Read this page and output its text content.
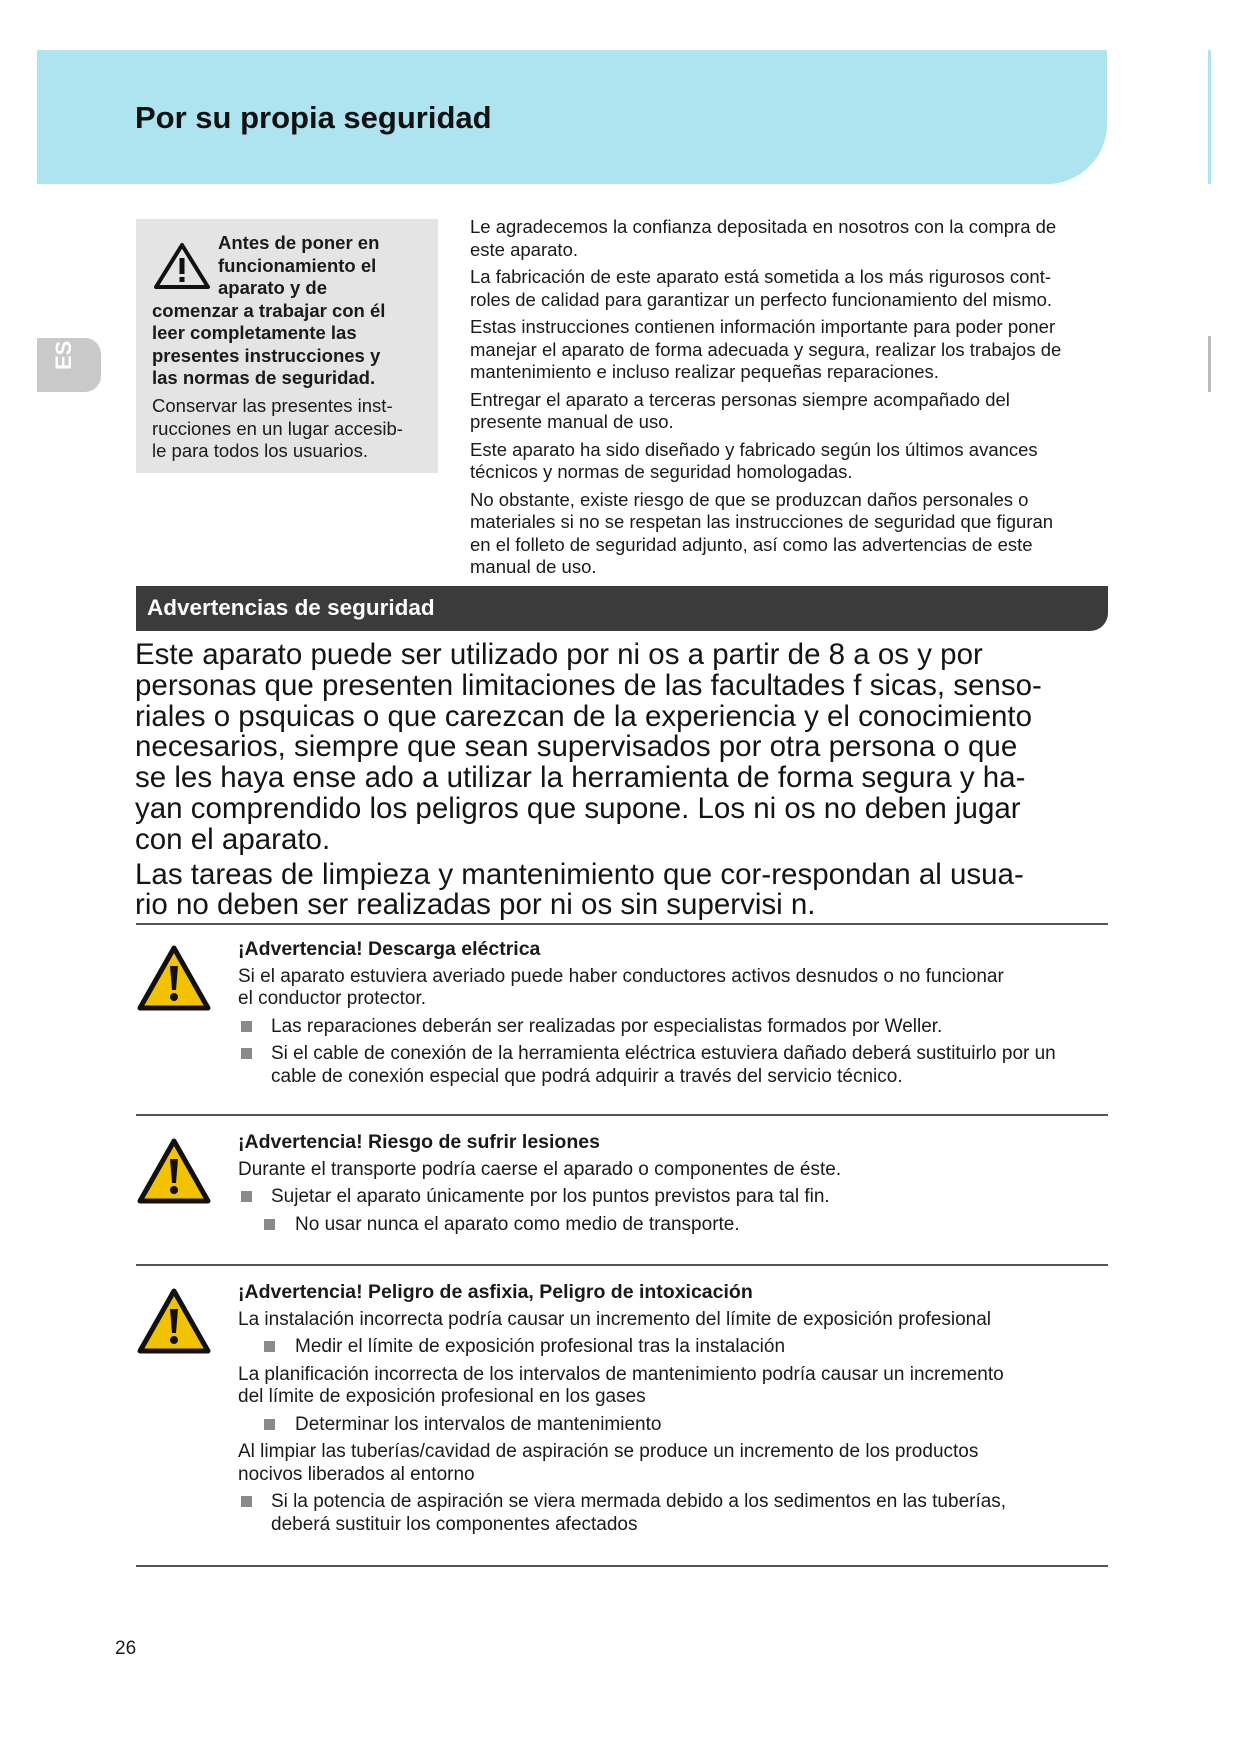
Por su propia seguridad
ES

Antes de poner en
funcionamiento el
aparato y de
comenzar a trabajar con él
leer completamente las
presentes instrucciones y
las normas de seguridad.

Conservar las presentes inst-
rucciones en un lugar accesib-
le para todos los usuarios.

Le agradecemos la confianza depositada en nosotros con la compra de
este aparato.

La fabricación de este aparato está sometida a los más rigurosos cont-
roles de calidad para garantizar un perfecto funcionamiento del mismo.

Estas instrucciones contienen información importante para poder poner
manejar el aparato de forma adecuada y segura, realizar los trabajos de
mantenimiento e incluso realizar pequeñas reparaciones.

Entregar el aparato a terceras personas siempre acompañado del
presente manual de uso.

Este aparato ha sido diseñado y fabricado según los últimos avances
técnicos y normas de seguridad homologadas.

No obstante, existe riesgo de que se produzcan daños personales o
materiales si no se respetan las instrucciones de seguridad que figuran
en el folleto de seguridad adjunto, así como las advertencias de este
manual de uso.

Advertencias de seguridad

Este aparato puede ser utilizado por ni os a partir de 8 a os y por
personas que presenten limitaciones de las facultades f sicas, senso-
riales o psquicas o que carezcan de la experiencia y el conocimiento
necesarios, siempre que sean supervisados por otra persona o que
se les haya ense ado a utilizar la herramienta de forma segura y ha-
yan comprendido los peligros que supone. Los ni os no deben jugar
con el aparato.

Las tareas de limpieza y mantenimiento que cor-respondan al usua-
rio no deben ser realizadas por ni os sin supervisi n.

¡Advertencia! Descarga eléctrica

Si el aparato estuviera averiado puede haber conductores activos desnudos o no funcionar
el conductor protector.

Las reparaciones deberán ser realizadas por especialistas formados por Weller.

Si el cable de conexión de la herramienta eléctrica estuviera dañado deberá sustituirlo por un
cable de conexión especial que podrá adquirir a través del servicio técnico.

¡Advertencia! Riesgo de sufrir lesiones

Durante el transporte podría caerse el aparado o componentes de éste.

Sujetar el aparato únicamente por los puntos previstos para tal fin.

No usar nunca el aparato como medio de transporte.

¡Advertencia! Peligro de asfixia, Peligro de intoxicación

La instalación incorrecta podría causar un incremento del límite de exposición profesional

Medir el límite de exposición profesional tras la instalación

La planificación incorrecta de los intervalos de mantenimiento podría causar un incremento
del límite de exposición profesional en los gases

Determinar los intervalos de mantenimiento

Al limpiar las tuberías/cavidad de aspiración se produce un incremento de los productos
nocivos liberados al entorno

Si la potencia de aspiración se viera mermada debido a los sedimentos en las tuberías,
deberá sustituir los componentes afectados

26
